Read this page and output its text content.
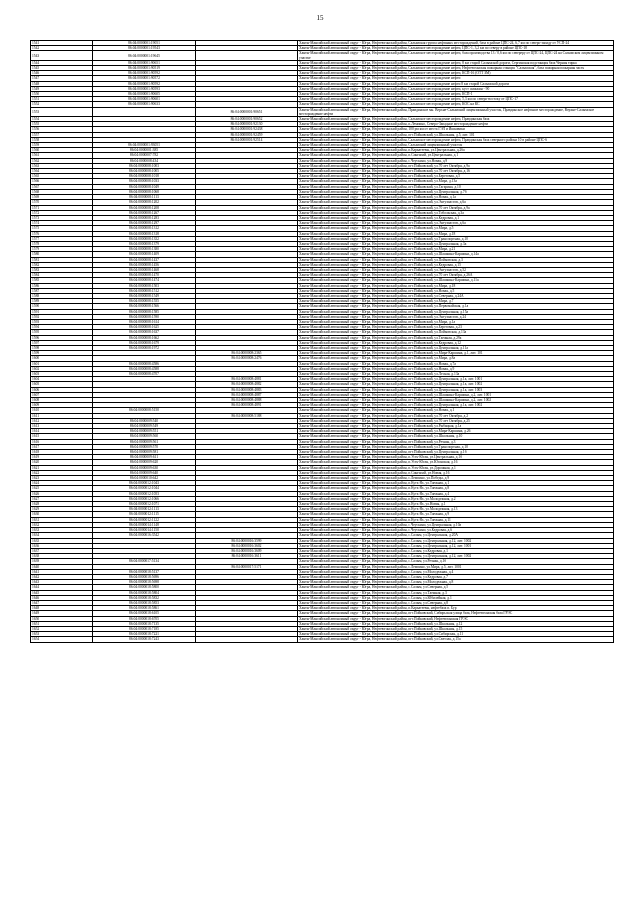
15
1541	86:04:0000001:19051		Ханты-Мансийский автономный округ - Югра, Нефтеюганский район, Салымская группа нефтяных месторождений, база в районе ЦПС-24, 6,7 км по северо-западу от УСП-24
1542	86:04:0000001:19543		Ханты-Мансийский автономный округ - Югра, Нефтеюганский район, Салымское месторождение нефти, ЦПС-1, 3,2 км по северу в районе ЦПС-18
1543	86:04:0000001:19645		Ханты-Мансийский автономный округ - Югра, Нефтеюганский район, Салымское месторождение нефти, база производства 13 / 0,6 км по севереру от ЦПС-24, ЦПС-24 на Салымском лицензионном участке
1544	86:04:0000001:90651		Ханты-Мансийский автономный округ - Югра, Нефтеюганский район, Салымское месторождение нефти, 8 км старой Салымской дороги, Сергинская подстанция база Черная тирка
1545	86:04:0000001:90519		Ханты-Мансийский автономный округ - Югра, Нефтеюганский район, Салымское месторождение нефти, Нефтеюганская пожарная станция "Салымская", база пожарная пожарная часть
1546	86:04:0000001:90592		Ханты-Мансийский автономный округ - Югра, Нефтеюганский район, Салымское месторождение нефти, КСП-16 (ОТТ ЗМ)
1547	86:04:0000001:90572		Ханты-Мансийский автономный округ - Югра, Нефтеюганский район, Салымское месторождение нефти
1548	86:04:0000001:90592		Ханты-Мансийский автономный округ - Югра, Нефтеюганский район, Салымское месторождение нефти 8 км старой Салымской дороги
1549	86:04:0000001:90593		Ханты-Мансийский автономный округ - Югра, Нефтеюганский район, Салымское месторождение нефти, куст скважин - 90
1550	86:04:0000001:90605		Ханты-Мансийский автономный округ - Югра, Нефтеюганский район, Салымское месторождение нефти, КСП-1
1551	86:04:0000001:90601		Ханты-Мансийский автономный округ - Югра, Нефтеюганский район, Салымское месторождение нефти, 5,3 км по северо-востоку от ЦПС-17
1552	86:04:0000001:90633		Ханты-Мансийский автономный округ - Югра, Нефтеюганский район, Салымское месторождение нефти, КОС на КС
1553		86:04:0000001:90651	Ханты-Мансийский автономный округ - Югра, Нефтеюганский район, Правдинское мн. Верхне-Салымский лицензионный участок, Правдинское нефтяное месторождение, Верхне-Салымское месторождение нефти
1554		86:04:0000001:90652	Ханты-Мансийский автономный округ - Югра, Нефтеюганский район, Салымское месторождение нефти, Правдинская база
1555		86:04:0000001:92130	Ханты-Мансийский автономный округ - Югра, Нефтеюганский район, п.Лемпино, Северо-Западное месторождение нефти
1556		86:04:0000001:92438	Ханты-Мансийский автономный округ - Югра, Нефтеюганский район, 100 рм км от места ГЭЛ и Ишковики
1557		86:04:0000001:92459	Ханты-Мансийский автономный округ - Югра, Нефтеюганский район, пгт.Пойковский, ул.Школьная, д.5, лит. 101
1558		86:04:0000001:92514	Ханты-Мансийский автономный округ - Югра, Нефтеюганский район, Салымское месторождение нефти, Правдинская база северного района 10 в районе ЦПС-6
1559	86:04:0000001:93051		Ханты-Мансийский автономный округ - Югра, Нефтеюганский район, Салымский лицензионный участок
1560	86:04:0000001:385		Ханты-Мансийский автономный округ - Югра, Нефтеюганский район, п.Каркатеевы, ул.Центральная, д.26а
1561	86:04:0000007:782		Ханты-Мансийский автономный округ - Югра, Нефтеюганский район, п.Сингапай, ул.Центральная, д.1
1562	86:04:0000008:434		Ханты-Мансийский автономный округ - Югра, Нефтеюганский район, с.Чеускино, ул.Новая, д.9
1563	86:04:0000008:1003		Ханты-Мансийский автономный округ - Югра, Нефтеюганский район, пгт.Пойковский, ул.70 лет Октября, д.9а
1564	86:04:0000008:1005		Ханты-Мансийский автономный округ - Югра, Нефтеюганский район, пгт.Пойковский, ул.70 лет Октября, д.16
1565	86:04:0000008:1018		Ханты-Мансийский автономный округ - Югра, Нефтеюганский район, пгт.Пойковский, ул.Береговая, д.5
1566	86:04:0000008:1033		Ханты-Мансийский автономный округ - Югра, Нефтеюганский район, пгт.Пойковский, ул.Мира, д.13а
1567	86:04:0000008:1049		Ханты-Мансийский автономный округ - Югра, Нефтеюганский район, пгт.Пойковский, ул.Гагарина, д.10
1568	86:04:0000008:1068		Ханты-Мансийский автономный округ - Югра, Нефтеюганский район, пгт.Пойковский, ул.Центральная, д.7б
1569	86:04:0000008:1113		Ханты-Мансийский автономный округ - Югра, Нефтеюганский район, пгт.Пойковский, ул.Новая, д.1а
1570	86:04:0000008:1202		Ханты-Мансийский автономный округ - Югра, Нефтеюганский район, пгт.Пойковский, ул.Энтузиастов, д.6а
1571	86:04:0000008:1208		Ханты-Мансийский автономный округ - Югра, Нефтеюганский район, пгт.Пойковский, ул.70 лет Октября, д.9а
1572	86:04:0000008:1267		Ханты-Мансийский автономный округ - Югра, Нефтеюганский район, пгт.Пойковский, ул.Тобольская, д.3а
1573	86:04:0000008:1283		Ханты-Мансийский автономный округ - Югра, Нефтеюганский район, пгт.Пойковский, ул.Кедровая, д.1
1574	86:04:0000008:1297		Ханты-Мансийский автономный округ - Югра, Нефтеюганский район, пгт.Пойковский, ул.Энтузиастов, д.6а
1575	86:04:0000008:1312		Ханты-Мансийский автономный округ - Югра, Нефтеюганский район, пгт.Пойковский, ул.Мира, д.5
1576	86:04:0000008:1318		Ханты-Мансийский автономный округ - Югра, Нефтеюганский район, пгт.Пойковский, ул.Мира, д.18
1577	86:04:0000008:1352		Ханты-Мансийский автономный округ - Югра, Нефтеюганский район, пгт.Пойковский, ул.Транспортная, д.10
1578	86:04:0000008:1379		Ханты-Мансийский автономный округ - Югра, Нефтеюганский район, пгт.Пойковский, ул.Центральная, д.3а
1579	86:04:0000008:1380		Ханты-Мансийский автономный округ - Югра, Нефтеюганский район, пгт.Пойковский, ул.Мира, д.21
1580	86:04:0000008:1409		Ханты-Мансийский автономный округ - Югра, Нефтеюганский район, пгт.Пойковский, ул.Шашкина-Каршина, д.14а
1581	86:04:0000008:1437		Ханты-Мансийский автономный округ - Югра, Нефтеюганский район, пгт.Пойковский, ул.Пойковская, д.3
1582	86:04:0000008:1456		Ханты-Мансийский автономный округ - Югра, Нефтеюганский район, пгт.Пойковский, ул.Кедровая, д.15
1583	86:04:0000008:1468		Ханты-Мансийский автономный округ - Югра, Нефтеюганский район, пгт.Пойковский, ул.Энтузиастов, д.52
1584	86:04:0000008:1470		Ханты-Мансийский автономный округ - Югра, Нефтеюганский район, пгт.Пойковский, ул.70 лет Октября, д.26А
1585	86:04:0000008:1474		Ханты-Мансийский автономный округ - Югра, Нефтеюганский район, пгт.Пойковский, ул.Шашкина-Каршина, д.11а
1586	86:04:0000008:1503		Ханты-Мансийский автономный округ - Югра, Нефтеюганский район, пгт.Пойковский, ул.Мира, д.18
1587	86:04:0000008:1512		Ханты-Мансийский автономный округ - Югра, Нефтеюганский район, пгт.Пойковский, ул.Новая, д.5
1588	86:04:0000008:1549		Ханты-Мансийский автономный округ - Югра, Нефтеюганский район, пгт.Пойковский, ул.Северная, д.24А
1589	86:04:0000008:1555		Ханты-Мансийский автономный округ - Югра, Нефтеюганский район, пгт.Пойковский, ул.Мира, д.7
1590	86:04:0000008:1566		Ханты-Мансийский автономный округ - Югра, Нефтеюганский район, пгт.Пойковский, ул.Первомайская, д.1а
1591	86:04:0000008:1585		Ханты-Мансийский автономный округ - Югра, Нефтеюганский район, пгт.Пойковский, ул.Центральная, д.15а
1592	86:04:0000008:1590		Ханты-Мансийский автономный округ - Югра, Нефтеюганский район, пгт.Пойковский, ул.Энтузиастов, д.24
1593	86:04:0000008:1614		Ханты-Мансийский автономный округ - Югра, Нефтеюганский район, пгт.Пойковский, ул.Мира, д.1а
1594	86:04:0000008:1625		Ханты-Мансийский автономный округ - Югра, Нефтеюганский район, пгт.Пойковский, ул.Береговая, д.23
1595	86:04:0000008:1637		Ханты-Мансийский автономный округ - Югра, Нефтеюганский район, пгт.Пойковский, ул.Пойковская, д.13а
1596	86:04:0000008:1662		Ханты-Мансийский автономный округ - Югра, Нефтеюганский район, пгт.Пойковский, ул.Таежная, д.29а
1597	86:04:0000008:1679		Ханты-Мансийский автономный округ - Югра, Нефтеюганский район, пгт.Пойковский, ул.Кедровая, д.12
1598	86:04:0000008:1972		Ханты-Мансийский автономный округ - Югра, Нефтеюганский район, пгт.Пойковский, ул.Центральная, д.11а
1599		86:04:0000008:2365	Ханты-Мансийский автономный округ - Югра, Нефтеюганский район, пгт.Пойковский, ул.Мира-Каршина, д.1, лит. 101
1600		86:04:0000008:2476	Ханты-Мансийский автономный округ - Югра, Нефтеюганский район, пгт.Пойковский, ул.Мира, д.8а
1601	86:04:0000008:4586		Ханты-Мансийский автономный округ - Югра, Нефтеюганский район, пгт.Пойковский, ул.Новая, д.7а
1602	86:04:0000008:4588		Ханты-Мансийский автономный округ - Югра, Нефтеюганский район, пгт.Пойковский, ул.Новая, д.9
1603	86:04:0000008:4707		Ханты-Мансийский автономный округ - Югра, Нефтеюганский район, пгт.Пойковский, ул.Лесная, д.13а
1604		86:04:0000008:4881	Ханты-Мансийский автономный округ - Югра, Нефтеюганский район, пгт.Пойковский, ул.Центральная, д.1а, лит. 1001
1605		86:04:0000008:4882	Ханты-Мансийский автономный округ - Югра, Нефтеюганский район, пгт.Пойковский, ул.Центральная, д.1а, лит. 1002
1606		86:04:0000008:4883	Ханты-Мансийский автономный округ - Югра, Нефтеюганский район, пгт.Пойковский, ул.Центральная, д.1а, лит. 1003
1607		86:04:0000008:4887	Ханты-Мансийский автономный округ - Югра, Нефтеюганский район, пгт.Пойковский, ул.Шашкина-Каршина, д.2, лит. 1001
1608		86:04:0000008:4888	Ханты-Мансийский автономный округ - Югра, Нефтеюганский район, пгт.Пойковский, ул.Шашкина-Каршина, д.2, лит. 1002
1609		86:04:0000008:4891	Ханты-Мансийский автономный округ - Югра, Нефтеюганский район, пгт.Пойковский, ул.Центральная, д.1а, лит. 1002
1610	86:04:0000008:5150		Ханты-Мансийский автономный округ - Югра, Нефтеюганский район, пгт.Пойковский, ул.Новая, д.1
1611		86:04:0000008:5188	Ханты-Мансийский автономный округ - Югра, Нефтеюганский район, пгт.Пойковский, ул.70 лет Октября, д.2
1612	86:04:0000009:540		Ханты-Мансийский автономный округ - Югра, Нефтеюганский район, пгт.Пойковский, ул.70 лет Октября, д.25
1613	86:04:0000009:549		Ханты-Мансийский автономный округ - Югра, Нефтеюганский район, пгт.Пойковский, ул.Рыбацкая, д.1а
1614	86:04:0000009:551		Ханты-Мансийский автономный округ - Югра, Нефтеюганский район, пгт.Пойковский, ул.Мира-Каршина, д.26
1615	86:04:0000009:560		Ханты-Мансийский автономный округ - Югра, Нефтеюганский район, пгт.Пойковский, ул.Школьная, д.10
1616	86:04:0000009:561		Ханты-Мансийский автономный округ - Югра, Нефтеюганский район, пгт.Пойковский, ул.Речная, д.3
1617	86:04:0000009:570		Ханты-Мансийский автономный округ - Югра, Нефтеюганский район, пгт.Пойковский, ул.Транспортная, д.10
1618	86:04:0000009:581		Ханты-Мансийский автономный округ - Югра, Нефтеюганский район, пгт.Пойковский, ул.Центральная, д.1б
1619	86:04:0000009:611		Ханты-Мансийский автономный округ - Югра, Нефтеюганский район, п.Усть-Юган, ул.Центральная, д.1б
1620	86:04:0000009:620		Ханты-Мансийский автономный округ - Югра, Нефтеюганский район, п.Усть-Юган, ул.Юганская, д.16
1621	86:04:0000009:630		Ханты-Мансийский автономный округ - Югра, Нефтеюганский район, п.Усть-Юган, ул.Дорожная, д.1
1622	86:04:0000009:640		Ханты-Мансийский автономный округ - Югра, Нефтеюганский район, п.Сингапай, ул.Новая, д.16
1623	86:04:0000010:642		Ханты-Мансийский автономный округ - Югра, Нефтеюганский район, с.Лемпино, ул.Победы, д.9
1624	86:04:0000012:1043		Ханты-Мансийский автономный округ - Югра, Нефтеюганский район, п.Куть-Ях, ул.Таежная, д.1
1625	86:04:0000012:1044		Ханты-Мансийский автономный округ - Югра, Нефтеюганский район, п.Куть-Ях, ул.Таежная, д.8
1626	86:04:0000012:1053		Ханты-Мансийский автономный округ - Югра, Нефтеюганский район, п.Куть-Ях, ул.Таежная, д.4
1627	86:04:0000012:1066		Ханты-Мансийский автономный округ - Югра, Нефтеюганский район, п.Куть-Ях, ул.Молодежная, д.2
1628	86:04:0000012:1071		Ханты-Мансийский автономный округ - Югра, Нефтеюганский район, п.Куть-Ях, ул.Новая, д.1
1629	86:04:0000012:1113		Ханты-Мансийский автономный округ - Югра, Нефтеюганский район, п.Куть-Ях, ул.Молодежная, д.13
1630	86:04:0000012:1115		Ханты-Мансийский автономный округ - Югра, Нефтеюганский район, п.Куть-Ях, ул.Таежная, д.9
1631	86:04:0000012:1122		Ханты-Мансийский автономный округ - Югра, Нефтеюганский район, п.Куть-Ях, ул.Таежная, д.11
1632	86:04:0000014:1148		Ханты-Мансийский автономный округ - Югра, Нефтеюганский район, с.Чеускино, ул.Центральная, д.10а
1633	86:04:0000014:1150		Ханты-Мансийский автономный округ - Югра, Нефтеюганский район, с.Чеускино, ул.Кедровая, д.6
1634	86:04:0000016:3542		Ханты-Мансийский автономный округ - Югра, Нефтеюганский район, с.Салым, ул.Центральная, д.20А
1635		86:04:0000016:3599	Ханты-Мансийский автономный округ - Югра, Нефтеюганский район, с.Салым, ул.Центральная, д.12, лит. 1002
1636		86:04:0000016:3602	Ханты-Мансийский автономный округ - Югра, Нефтеюганский район, с.Салым, ул.Центральная, д.12, лит. 1001
1637		86:04:0000016:3609	Ханты-Мансийский автономный округ - Югра, Нефтеюганский район, с.Салым, ул.Кедровая, д.1
1638		86:04:0000016:3611	Ханты-Мансийский автономный округ - Югра, Нефтеюганский район, с.Салым, ул.Центральная, д.12, лит. 1002
1639	86:04:0000017:5134		Ханты-Мансийский автономный округ - Югра, Нефтеюганский район, с.Салым, ул.Речная, д.1б
1640		86:04:0000017:5171	Ханты-Мансийский автономный округ - Югра, Нефтеюганский район, с.Лемпино, ул.Мира, д.5, лит. 1001
1641	86:04:0000018:5137		Ханты-Мансийский автономный округ - Югра, Нефтеюганский район, с.Салым, ул.Молодежная, д.4
1642	86:04:0000018:5696		Ханты-Мансийский автономный округ - Югра, Нефтеюганский район, с.Салым, ул.Кедровая, д.7
1643	86:04:0000018:5698		Ханты-Мансийский автономный округ - Югра, Нефтеюганский район, с.Салым, ул.Молодежная, д.8
1644	86:04:0000018:5800		Ханты-Мансийский автономный округ - Югра, Нефтеюганский район, с.Салым, ул.Северная, д.5
1645	86:04:0000018:5804		Ханты-Мансийский автономный округ - Югра, Нефтеюганский район, с.Салым, ул.Таежная, д.3
1646	86:04:0000018:5832		Ханты-Мансийский автономный округ - Югра, Нефтеюганский район, с.Салым, ул.Юбилейная, д.1
1647	86:04:0000018:5853		Ханты-Мансийский автономный округ - Югра, Нефтеюганский район, с.Салым, ул.Северная, д.8
1648	86:04:0000018:5861		Ханты-Мансийский автономный округ - Югра, Нефтеюганский район, п.Каркатеевы, нефтебаза п. Бур
1649	86:04:0000018:6105		Ханты-Мансийский автономный округ - Югра, Нефтеюганский район, пгт.Пойковский, Сибирьская улица база, Нефтеюганская база ГРЭС
1650	86:04:0000018:6705		Ханты-Мансийский автономный округ - Югра, Нефтеюганский район, пгт.Пойковский, Нефтеюганская ГРЭС
1651	86:04:0000018:7135		Ханты-Мансийский автономный округ - Югра, Нефтеюганский район, пгт.Пойковский, ул.Школьная, д.12
1652	86:04:0000018:7185		Ханты-Мансийский автономный округ - Югра, Нефтеюганский район, пгт.Пойковский, ул.Школьная, д.15
1653	86:04:0000018:7221		Ханты-Мансийский автономный округ - Югра, Нефтеюганский район, пгт.Пойковский, ул.Сибирская, д.11
1654	86:04:0000018:7243		Ханты-Мансийский автономный округ - Югра, Нефтеюганский район, пгт.Пойковский, ул.Светлая, д.15а
